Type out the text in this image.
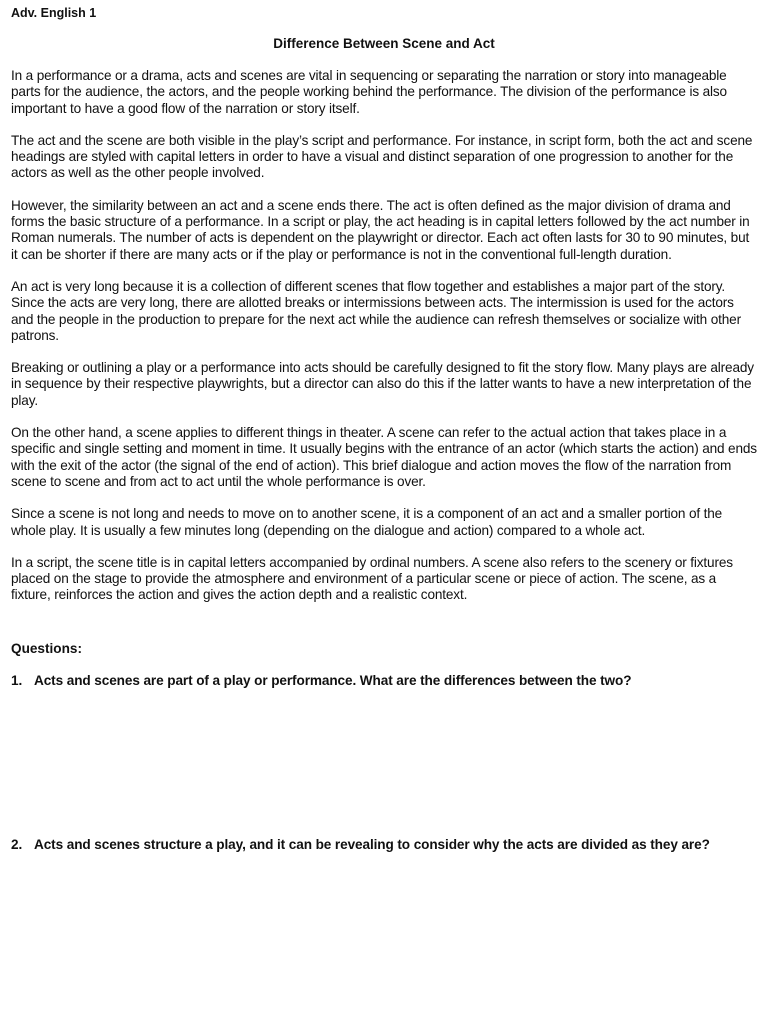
Adv. English 1
Difference Between Scene and Act

In a performance or a drama, acts and scenes are vital in sequencing or separating the narration or story into manageable parts for the audience, the actors, and the people working behind the performance. The division of the performance is also important to have a good flow of the narration or story itself.

The act and the scene are both visible in the play’s script and performance. For instance, in script form, both the act and scene headings are styled with capital letters in order to have a visual and distinct separation of one progression to another for the actors as well as the other people involved.

However, the similarity between an act and a scene ends there. The act is often defined as the major division of drama and forms the basic structure of a performance. In a script or play, the act heading is in capital letters followed by the act number in Roman numerals. The number of acts is dependent on the playwright or director. Each act often lasts for 30 to 90 minutes, but it can be shorter if there are many acts or if the play or performance is not in the conventional full-length duration.

An act is very long because it is a collection of different scenes that flow together and establishes a major part of the story. Since the acts are very long, there are allotted breaks or intermissions between acts. The intermission is used for the actors and the people in the production to prepare for the next act while the audience can refresh themselves or socialize with other patrons.

Breaking or outlining a play or a performance into acts should be carefully designed to fit the story flow. Many plays are already in sequence by their respective playwrights, but a director can also do this if the latter wants to have a new interpretation of the play.

On the other hand, a scene applies to different things in theater. A scene can refer to the actual action that takes place in a specific and single setting and moment in time. It usually begins with the entrance of an actor (which starts the action) and ends with the exit of the actor (the signal of the end of action). This brief dialogue and action moves the flow of the narration from scene to scene and from act to act until the whole performance is over.

Since a scene is not long and needs to move on to another scene, it is a component of an act and a smaller portion of the whole play. It is usually a few minutes long (depending on the dialogue and action) compared to a whole act.

In a script, the scene title is in capital letters accompanied by ordinal numbers. A scene also refers to the scenery or fixtures placed on the stage to provide the atmosphere and environment of a particular scene or piece of action. The scene, as a fixture, reinforces the action and gives the action depth and a realistic context.

Questions:
1. Acts and scenes are part of a play or performance. What are the differences between the two?
2. Acts and scenes structure a play, and it can be revealing to consider why the acts are divided as they are?
